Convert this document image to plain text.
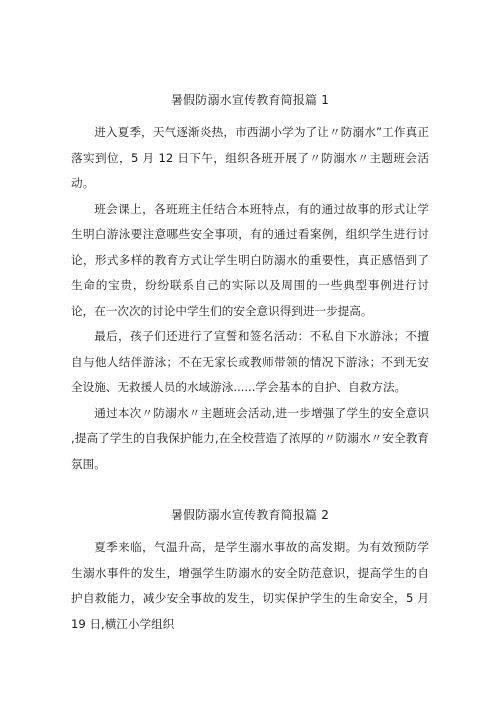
暑假防溺水宣传教育简报篇 1

进入夏季，天气逐渐炎热，市西湖小学为了让〃防溺水”工作真正落实到位，5 月 12 日下午，组织各班开展了〃防溺水〃主题班会活动。

班会课上，各班班主任结合本班特点，有的通过故事的形式让学生明白游泳要注意哪些安全事项，有的通过看案例，组织学生进行讨论，形式多样的教育方式让学生明白防溺水的重要性，真正感悟到了生命的宝贵，纷纷联系自己的实际以及周围的一些典型事例进行讨论，在一次次的讨论中学生们的安全意识得到进一步提高。

最后，孩子们还进行了宣誓和签名活动：不私自下水游泳；不擅自与他人结伴游泳；不在无家长或教师带领的情况下游泳；不到无安全设施、无救援人员的水域游泳......学会基本的自护、自救方法。

通过本次〃防溺水〃主题班会活动,进一步增强了学生的安全意识 ,提高了学生的自我保护能力,在全校营造了浓厚的〃防溺水〃安全教育氛围。

暑假防溺水宣传教育简报篇 2

夏季来临，气温升高，是学生溺水事故的高发期。为有效预防学生溺水事件的发生，增强学生防溺水的安全防范意识，提高学生的自护自救能力，减少安全事故的发生，切实保护学生的生命安全，5 月 19 日,横江小学组织
